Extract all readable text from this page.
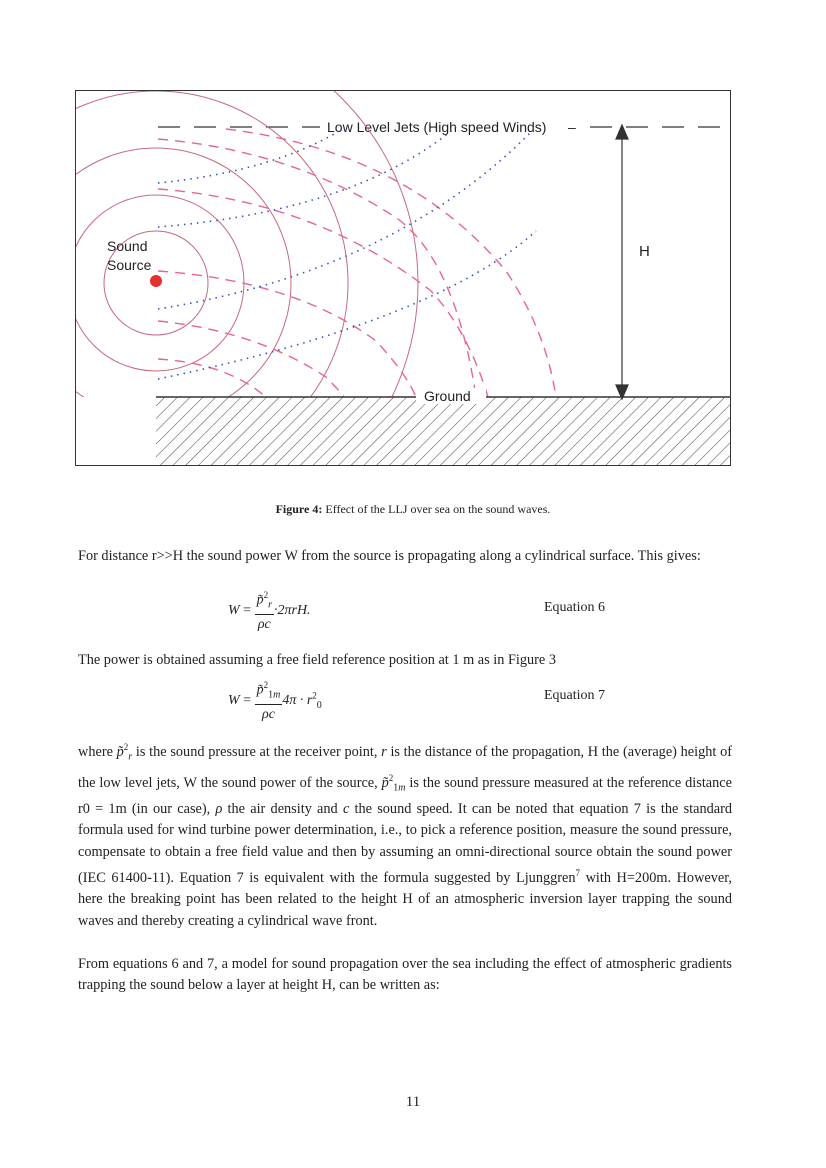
Low Level Jets (High speed Winds) –
H
Sound
Source
Ground
Figure 4: Effect of the LLJ over sea on the sound waves.
For distance r>>H the sound power W from the source is propagating along a cylindrical surface. This gives:
$W = \frac{p̃^2_r}{\rho c} \cdot 2\pi rH$.	Equation 6
The power is obtained assuming a free field reference position at 1 m as in Figure 3
$W = \frac{p̃^2_{1m}}{\rho c} 4\pi \cdot r^2_0$
Equation 7
where p̃$^2_r$ is the sound pressure at the receiver point, r is the distance of the propagation, H the (average) height of the low level jets, W the sound power of the source, p̃$^2_{1m}$ is the sound pressure measured at the reference distance r0 = 1m (in our case), ρ the air density and c the sound speed. It can be noted that equation 7 is the standard formula used for wind turbine power determination, i.e., to pick a reference position, measure the sound pressure, compensate to obtain a free field value and then by assuming an omni-directional source obtain the sound power (IEC 61400-11). Equation 7 is equivalent with the formula suggested by Ljunggren$^7$ with H=200m. However, here the breaking point has been related to the height H of an atmospheric inversion layer trapping the sound waves and thereby creating a cylindrical wave front.
From equations 6 and 7, a model for sound propagation over the sea including the effect of atmospheric gradients trapping the sound below a layer at height H, can be written as:
11
